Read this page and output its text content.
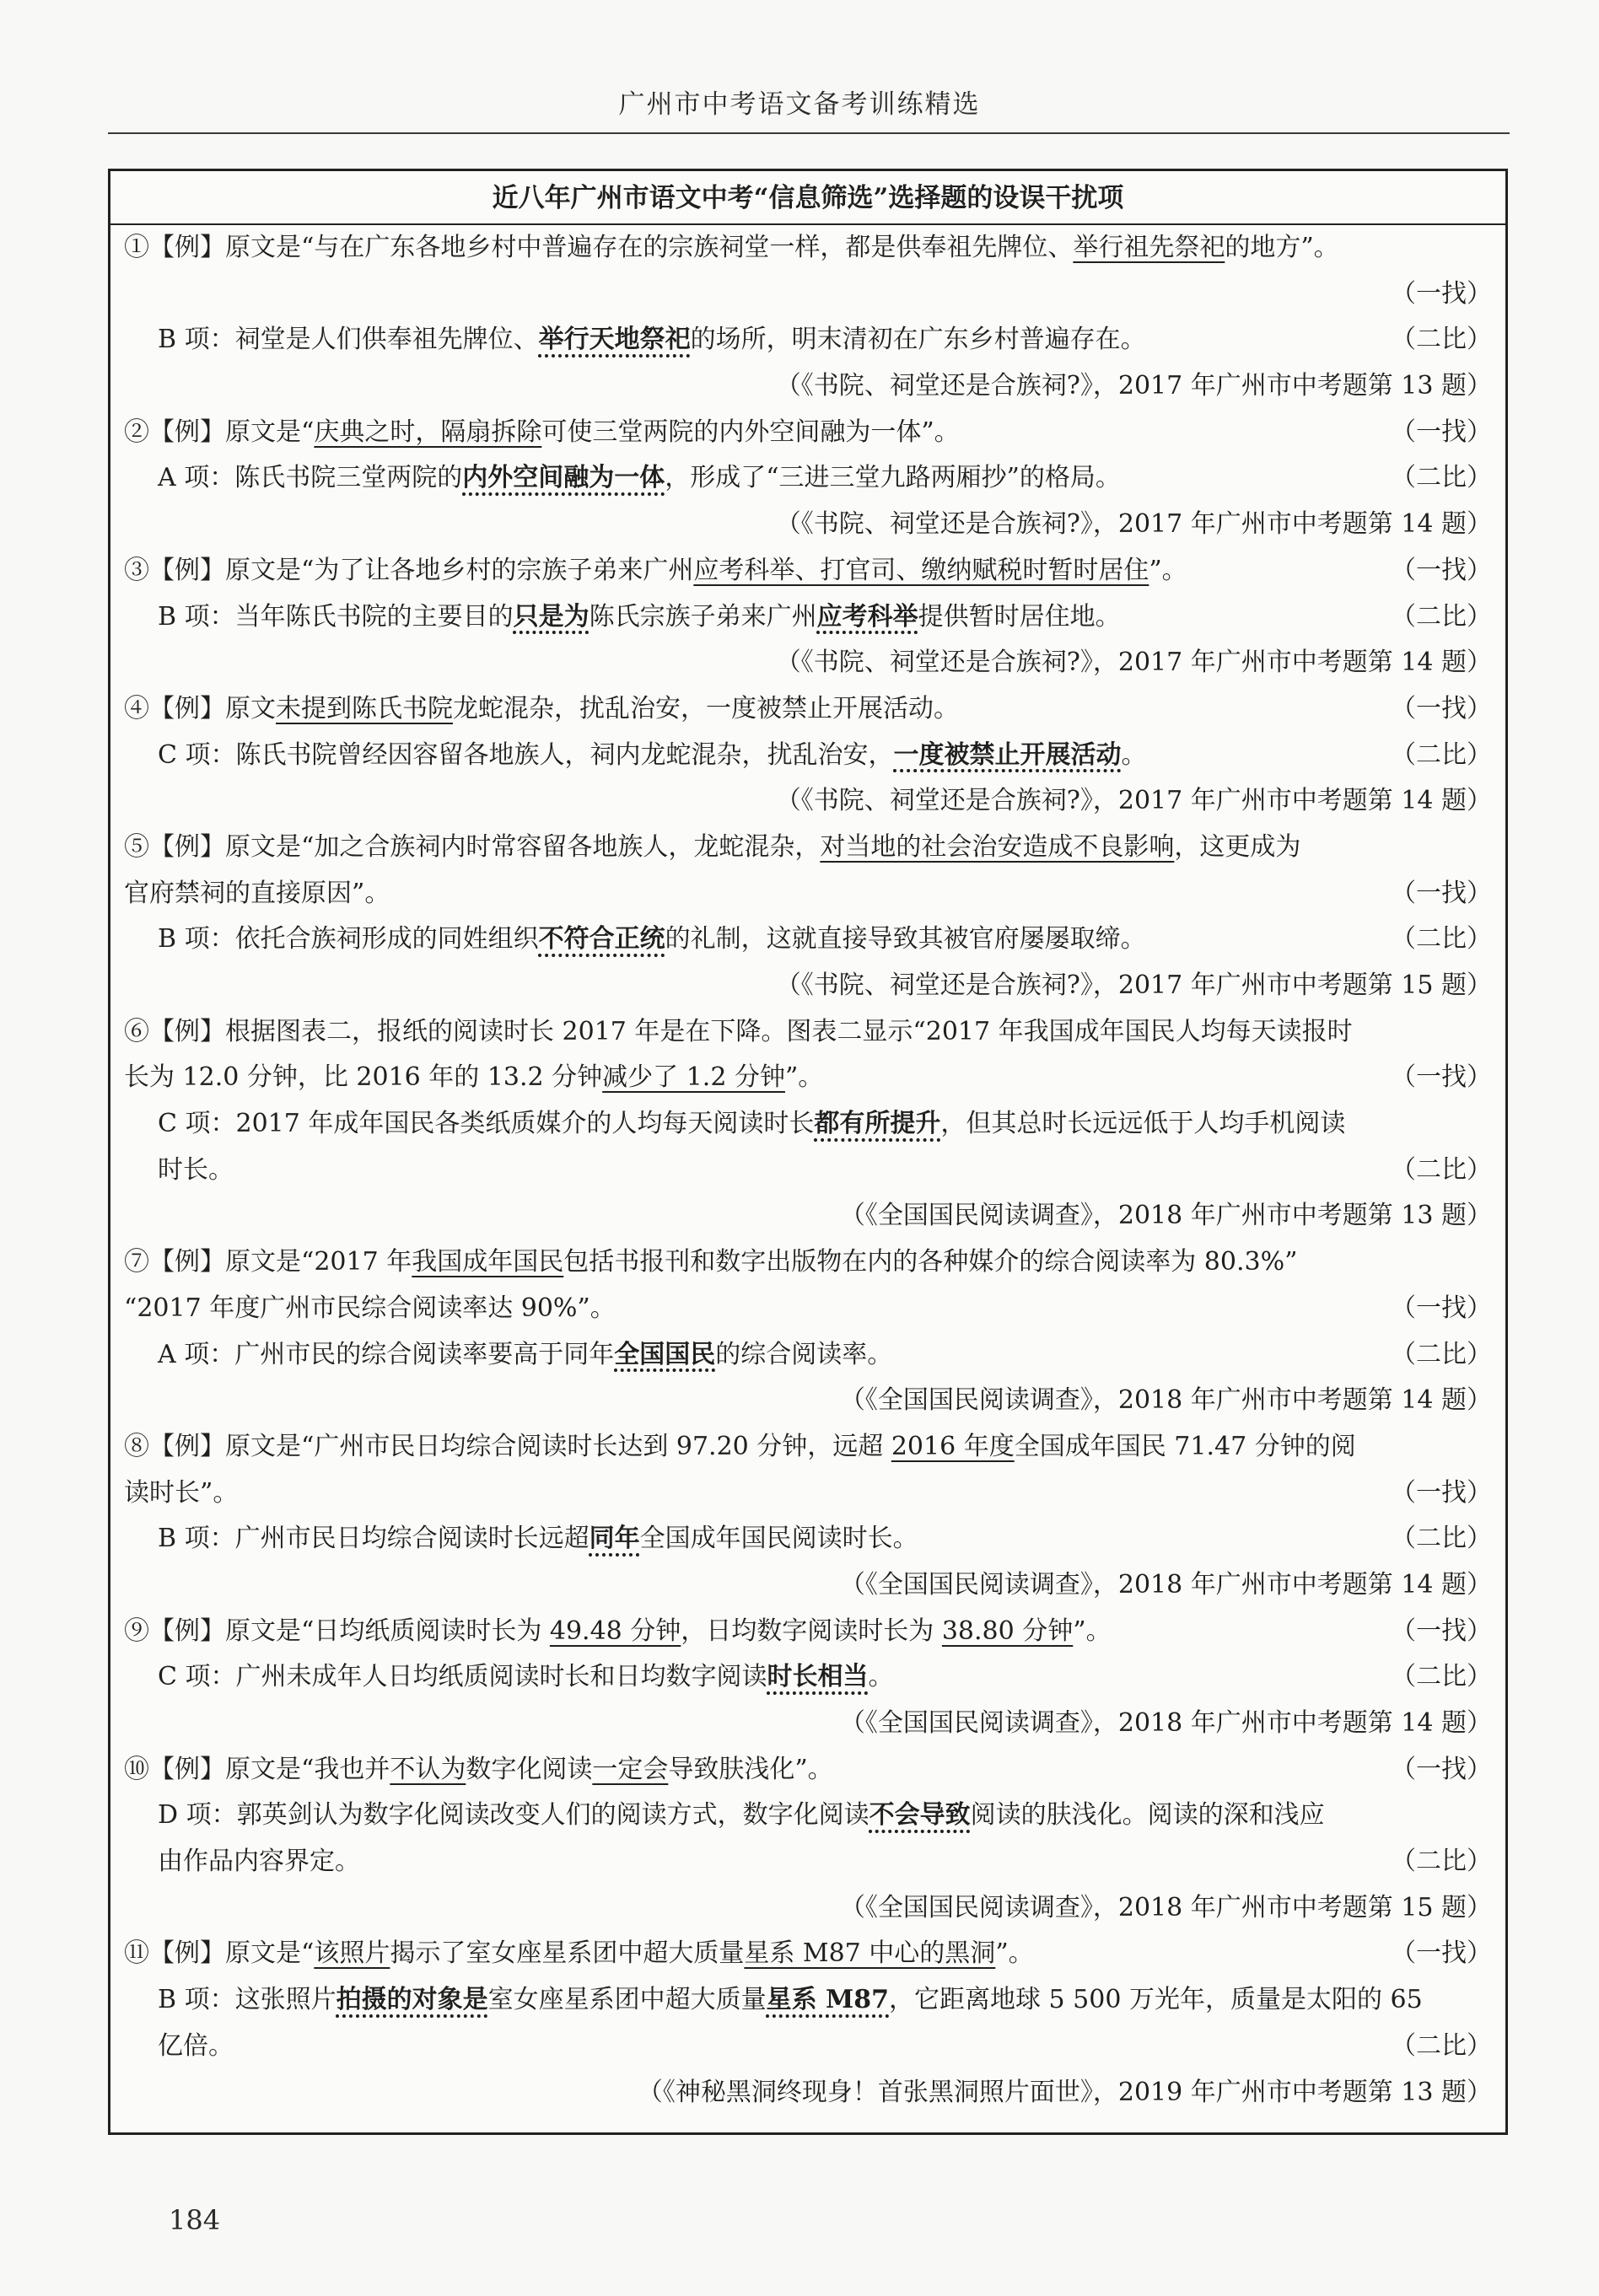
广州市中考语文备考训练精选
近八年广州市语文中考“信息筛选”选择题的设误干扰项
①【例】原文是“与在广东各地乡村中普遍存在的宗族祠堂一样，都是供奉祖先牌位、举行祖先祭祀的地方”。
（一找）
B 项：祠堂是人们供奉祖先牌位、举行天地祭祀的场所，明末清初在广东乡村普遍存在。	（二比）
（《书院、祠堂还是合族祠?》，2017 年广州市中考题第 13 题）
②【例】原文是“庆典之时，隔扇拆除可使三堂两院的内外空间融为一体”。	（一找）
A 项：陈氏书院三堂两院的内外空间融为一体，形成了“三进三堂九路两厢抄”的格局。	（二比）
（《书院、祠堂还是合族祠?》，2017 年广州市中考题第 14 题）
③【例】原文是“为了让各地乡村的宗族子弟来广州应考科举、打官司、缴纳赋税时暂时居住”。	（一找）
B 项：当年陈氏书院的主要目的只是为陈氏宗族子弟来广州应考科举提供暂时居住地。	（二比）
（《书院、祠堂还是合族祠?》，2017 年广州市中考题第 14 题）
④【例】原文未提到陈氏书院龙蛇混杂，扰乱治安，一度被禁止开展活动。	（一找）
C 项：陈氏书院曾经因容留各地族人，祠内龙蛇混杂，扰乱治安，一度被禁止开展活动。	（二比）
（《书院、祠堂还是合族祠?》，2017 年广州市中考题第 14 题）
⑤【例】原文是“加之合族祠内时常容留各地族人，龙蛇混杂，对当地的社会治安造成不良影响，这更成为
官府禁祠的直接原因”。	（一找）
B 项：依托合族祠形成的同姓组织不符合正统的礼制，这就直接导致其被官府屡屡取缔。	（二比）
（《书院、祠堂还是合族祠?》，2017 年广州市中考题第 15 题）
⑥【例】根据图表二，报纸的阅读时长 2017 年是在下降。图表二显示“2017 年我国成年国民人均每天读报时
长为 12.0 分钟，比 2016 年的 13.2 分钟减少了 1.2 分钟”。	（一找）
C 项：2017 年成年国民各类纸质媒介的人均每天阅读时长都有所提升，但其总时长远远低于人均手机阅读
时长。	（二比）
（《全国国民阅读调查》，2018 年广州市中考题第 13 题）
⑦【例】原文是“2017 年我国成年国民包括书报刊和数字出版物在内的各种媒介的综合阅读率为 80.3%”
“2017 年度广州市民综合阅读率达 90%”。	（一找）
A 项：广州市民的综合阅读率要高于同年全国国民的综合阅读率。	（二比）
（《全国国民阅读调查》，2018 年广州市中考题第 14 题）
⑧【例】原文是“广州市民日均综合阅读时长达到 97.20 分钟，远超 2016 年度全国成年国民 71.47 分钟的阅
读时长”。	（一找）
B 项：广州市民日均综合阅读时长远超同年全国成年国民阅读时长。	（二比）
（《全国国民阅读调查》，2018 年广州市中考题第 14 题）
⑨【例】原文是“日均纸质阅读时长为 49.48 分钟，日均数字阅读时长为 38.80 分钟”。	（一找）
C 项：广州未成年人日均纸质阅读时长和日均数字阅读时长相当。	（二比）
（《全国国民阅读调查》，2018 年广州市中考题第 14 题）
⑩【例】原文是“我也并不认为数字化阅读一定会导致肤浅化”。	（一找）
D 项：郭英剑认为数字化阅读改变人们的阅读方式，数字化阅读不会导致阅读的肤浅化。阅读的深和浅应
由作品内容界定。	（二比）
（《全国国民阅读调查》，2018 年广州市中考题第 15 题）
⑪【例】原文是“该照片揭示了室女座星系团中超大质量星系 M87 中心的黑洞”。	（一找）
B 项：这张照片拍摄的对象是室女座星系团中超大质量星系 M87，它距离地球 5 500 万光年，质量是太阳的 65
亿倍。	（二比）
（《神秘黑洞终现身！首张黑洞照片面世》，2019 年广州市中考题第 13 题）
184
